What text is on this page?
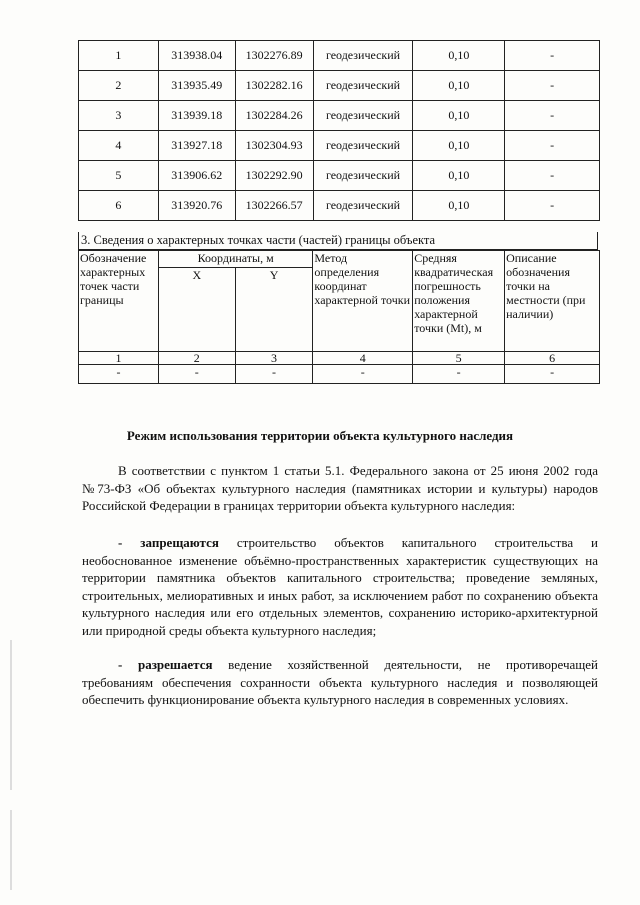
1	313938.04	1302276.89	геодезический	0,10	-
2	313935.49	1302282.16	геодезический	0,10	-
3	313939.18	1302284.26	геодезический	0,10	-
4	313927.18	1302304.93	геодезический	0,10	-
5	313906.62	1302292.90	геодезический	0,10	-
6	313920.76	1302266.57	геодезический	0,10	-
3. Сведения о характерных точках части (частей) границы объекта
Обозначение характерных точек части границы	Координаты, м		Метод определения координат характерной точки	Средняя квадратическая погрешность положения характерной точки (Mt), м	Описание обозначения точки на местности (при наличии)
	X	Y			
1	2	3	4	5	6
-	-	-	-	-	-
Режим использования территории объекта культурного наследия
В соответствии с пунктом 1 статьи 5.1. Федерального закона от 25 июня 2002 года №73-ФЗ «Об объектах культурного наследия (памятниках истории и культуры) народов Российской Федерации в границах территории объекта культурного наследия:
- запрещаются строительство объектов капитального строительства и необоснованное изменение объёмно-пространственных характеристик существующих на территории памятника объектов капитального строительства; проведение земляных, строительных, мелиоративных и иных работ, за исключением работ по сохранению объекта культурного наследия или его отдельных элементов, сохранению историко-архитектурной или природной среды объекта культурного наследия;
- разрешается ведение хозяйственной деятельности, не противоречащей требованиям обеспечения сохранности объекта культурного наследия и позволяющей обеспечить функционирование объекта культурного наследия в современных условиях.
